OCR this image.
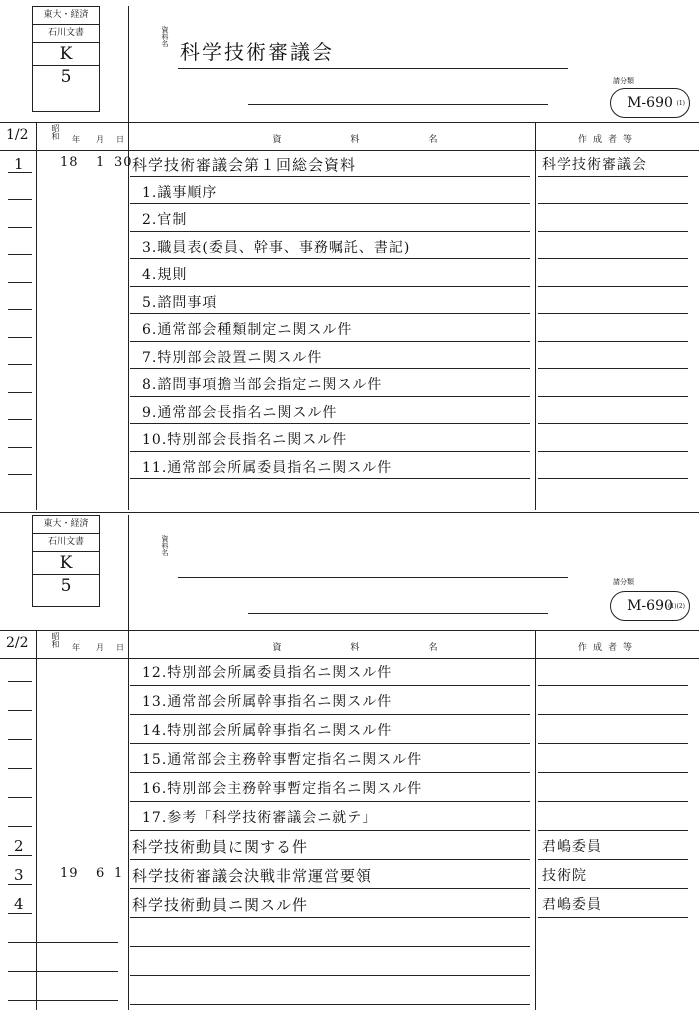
東大・経済
石川文書
K
5
資料名
科学技術審議会
請分類
M-690 (1)
1/2	昭和 年 月 日	資　料　名	作成者等
1	18 1 30 科学技術審議会第１回総会資料	科学技術審議会
1.議事順序
2.官制
3.職員表(委員、幹事、事務嘱託、書記)
4.規則
5.諮問事項
6.通常部会種類制定ニ関スル件
7.特別部会設置ニ関スル件
8.諮問事項擔当部会指定ニ関スル件
9.通常部会長指名ニ関スル件
10.特別部会長指名ニ関スル件
11.通常部会所属委員指名ニ関スル件
東大・経済
石川文書
K
5
資料名
請分類
M-690
(1)(2)
2/2	昭和 年 月 日	資　料　名	作成者等
12.特別部会所属委員指名ニ関スル件
13.通常部会所属幹事指名ニ関スル件
14.特別部会所属幹事指名ニ関スル件
15.通常部会主務幹事暫定指名ニ関スル件
16.特別部会主務幹事暫定指名ニ関スル件
17.参考「科学技術審議会ニ就テ」
2	科学技術動員に関する件	君嶋委員
3	19 6 1 科学技術審議会決戦非常運営要領	技術院
4	科学技術動員ニ関スル件	君嶋委員
